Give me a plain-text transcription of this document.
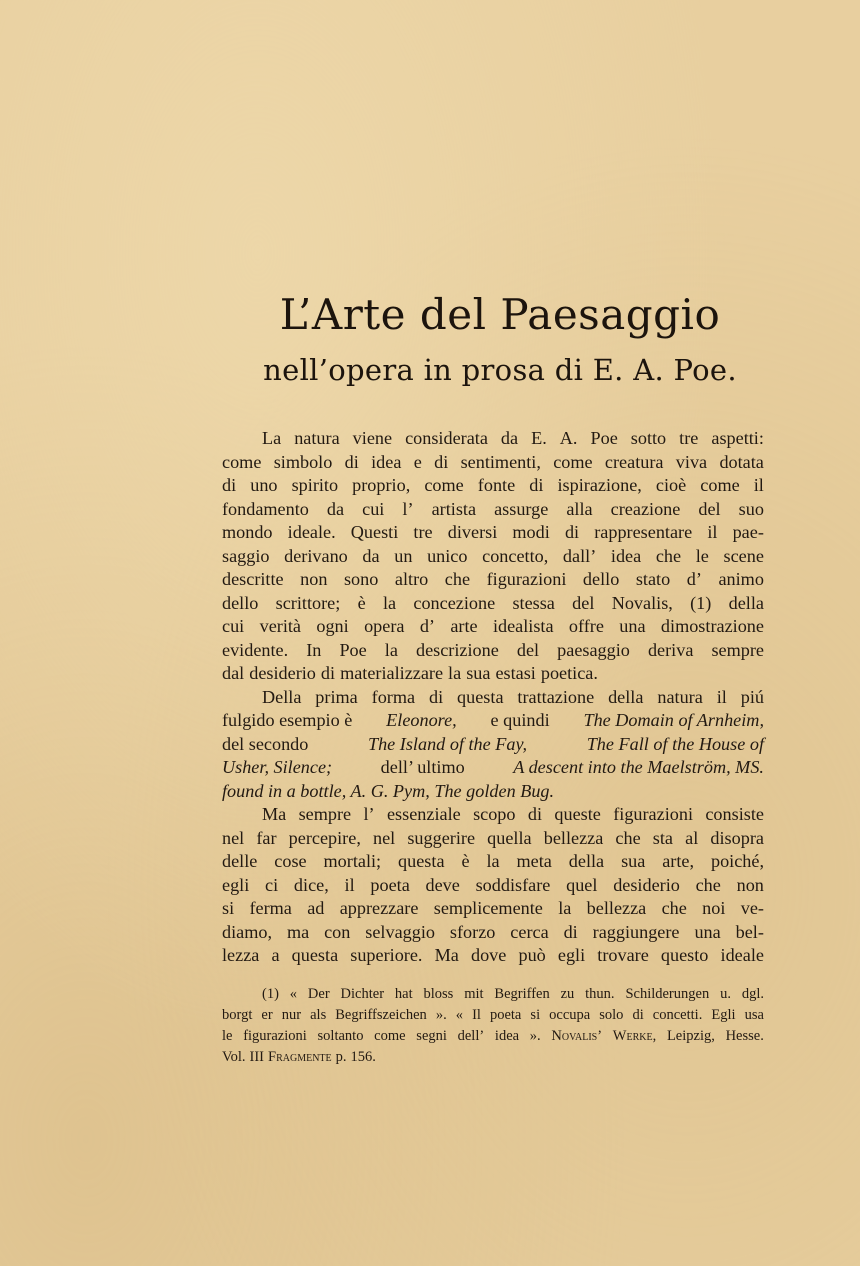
L’Arte del Paesaggio
nell’opera in prosa di E. A. Poe.
La natura viene considerata da E. A. Poe sotto tre aspetti:
come simbolo di idea e di sentimenti, come creatura viva dotata
di uno spirito proprio, come fonte di ispirazione, cioè come il
fondamento da cui l’ artista assurge alla creazione del suo
mondo ideale. Questi tre diversi modi di rappresentare il pae-
saggio derivano da un unico concetto, dall’ idea che le scene
descritte non sono altro che figurazioni dello stato d’ animo
dello scrittore; è la concezione stessa del Novalis, (1) della
cui verità ogni opera d’ arte idealista offre una dimostrazione
evidente. In Poe la descrizione del paesaggio deriva sempre
dal desiderio di materializzare la sua estasi poetica.
Della prima forma di questa trattazione della natura il piú
fulgido esempio è Eleonore, e quindi The Domain of Arnheim,
del secondo	The Island of the Fay,	The Fall of the House of
Usher, Silence;	dell’ ultimo	A descent into the Maelström, MS.
found in a bottle, A. G. Pym, The golden Bug.
Ma sempre l’ essenziale scopo di queste figurazioni consiste
nel far percepire, nel suggerire quella bellezza che sta al disopra
delle cose mortali; questa è la meta della sua arte, poiché,
egli ci dice, il poeta deve soddisfare quel desiderio che non
si ferma ad apprezzare semplicemente la bellezza che noi ve-
diamo, ma con selvaggio sforzo cerca di raggiungere una bel-
lezza a questa superiore. Ma dove può egli trovare questo ideale
(1) « Der Dichter hat bloss mit Begriffen zu thun. Schilderungen u. dgl.
borgt er nur als Begriffszeichen ». « Il poeta si occupa solo di concetti. Egli usa
le figurazioni soltanto come segni dell’ idea ». Novalis’ Werke, Leipzig, Hesse.
Vol. III Fragmente p. 156.
